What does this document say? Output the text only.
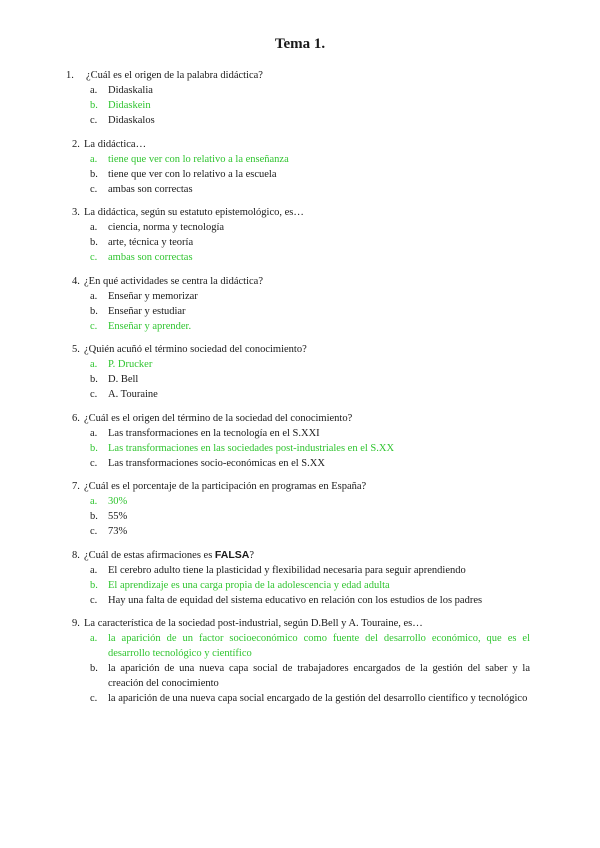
Tema 1.
1.	¿Cuál es el origen de la palabra didáctica?
a. Didaskalia
b. Didaskein
c. Didaskalos
2. La didáctica…
a. tiene que ver con lo relativo a la enseñanza
b. tiene que ver con lo relativo a la escuela
c. ambas son correctas
3. La didáctica, según su estatuto epistemológico, es…
a. ciencia, norma y tecnología
b. arte, técnica y teoría
c. ambas son correctas
4. ¿En qué actividades se centra la didáctica?
a. Enseñar y memorizar
b. Enseñar y estudiar
c. Enseñar y aprender.
5. ¿Quién acuñó el término sociedad del conocimiento?
a. P. Drucker
b. D. Bell
c. A. Touraine
6. ¿Cuál es el origen del término de la sociedad del conocimiento?
a. Las transformaciones en la tecnología en el S.XXI
b. Las transformaciones en las sociedades post-industriales en el S.XX
c. Las transformaciones socio-económicas en el S.XX
7. ¿Cuál es el porcentaje de la participación en programas en España?
a. 30%
b. 55%
c. 73%
8. ¿Cuál de estas afirmaciones es FALSA?
a. El cerebro adulto tiene la plasticidad y flexibilidad necesaria para seguir aprendiendo
b. El aprendizaje es una carga propia de la adolescencia y edad adulta
c. Hay una falta de equidad del sistema educativo en relación con los estudios de los padres
9. La característica de la sociedad post-industrial, según D.Bell y A. Touraine, es…
a. la aparición de un factor socioeconómico como fuente del desarrollo económico, que es el desarrollo tecnológico y científico
b. la aparición de una nueva capa social de trabajadores encargados de la gestión del saber y la creación del conocimiento
c. la aparición de una nueva capa social encargado de la gestión del desarrollo científico y tecnológico
